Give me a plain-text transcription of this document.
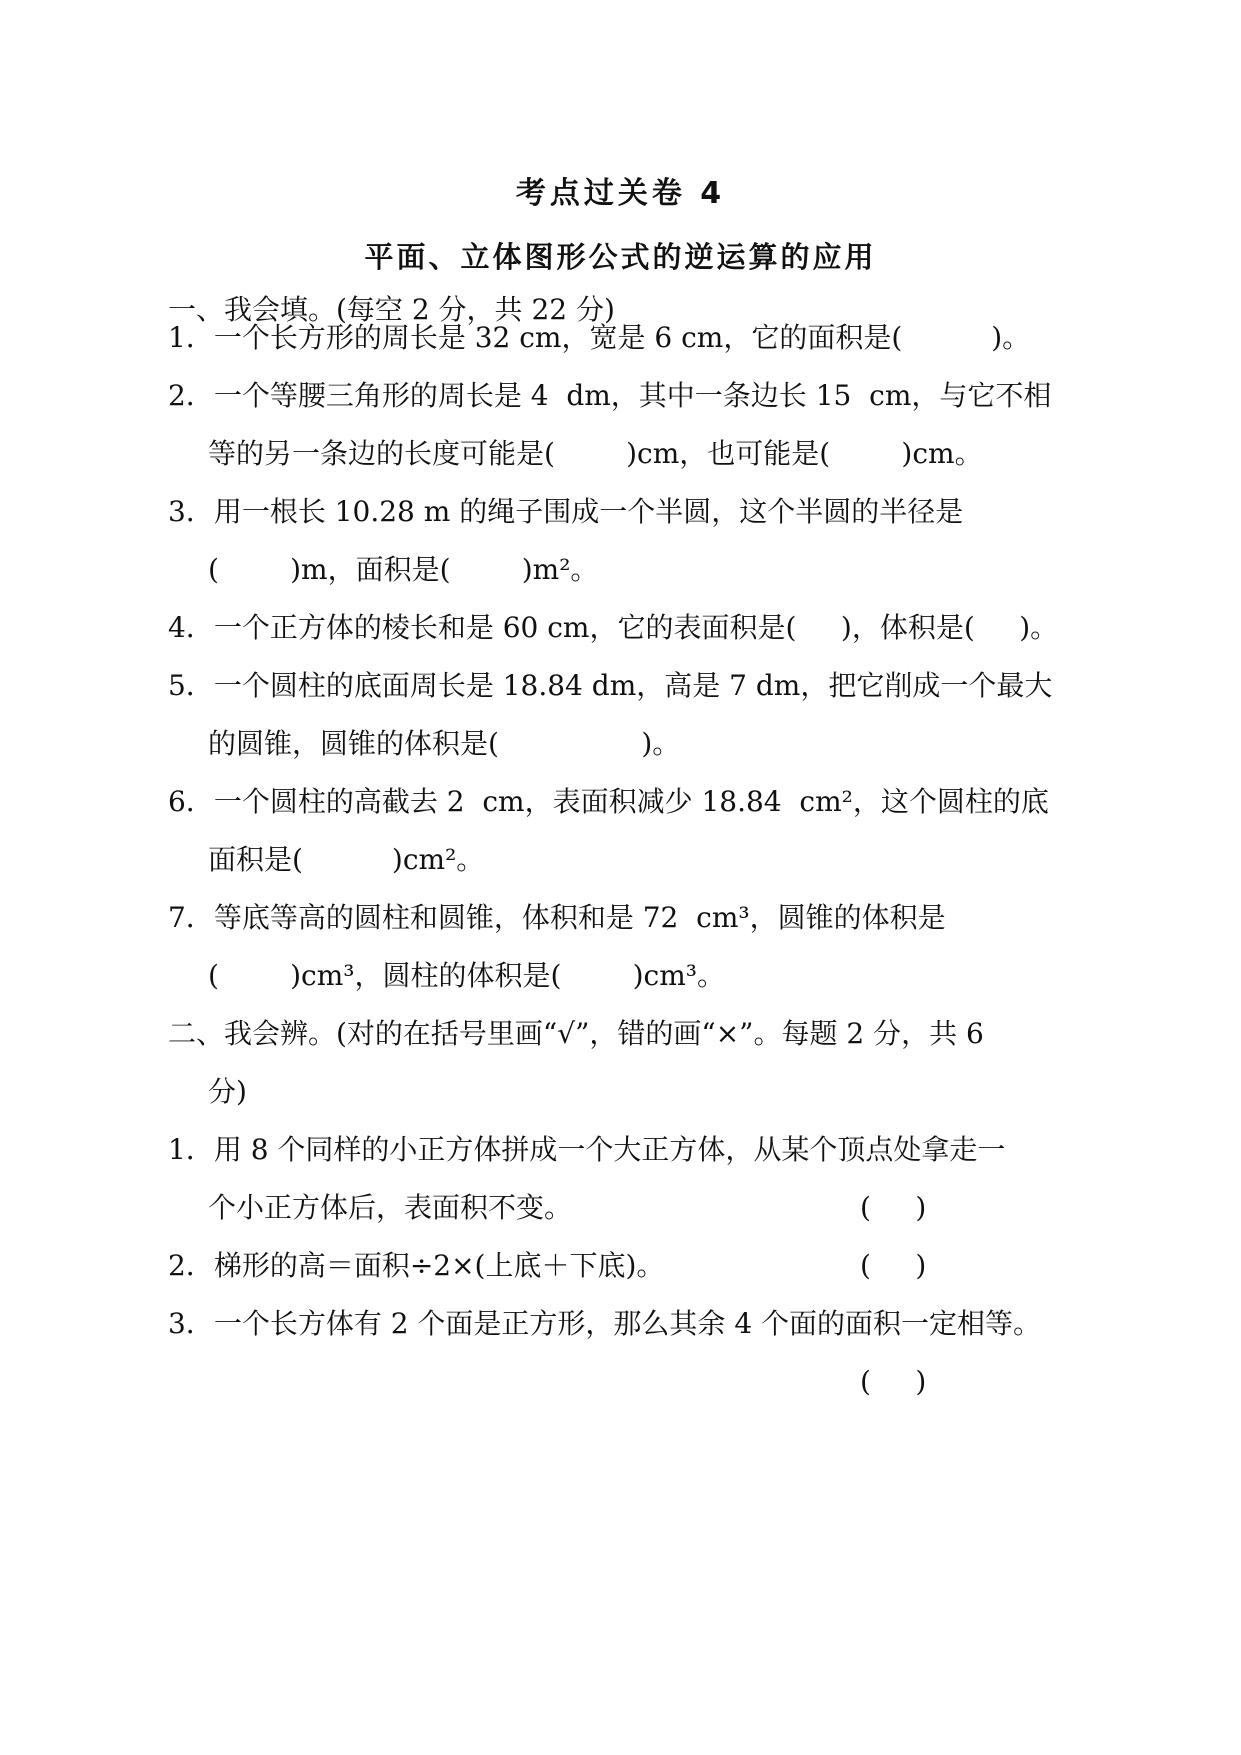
考点过关卷 4
平面、立体图形公式的逆运算的应用
一、我会填。(每空 2 分，共 22 分)
1．一个长方形的周长是 32 cm，宽是 6 cm，它的面积是(          )。
2．一个等腰三角形的周长是 4  dm，其中一条边长 15  cm，与它不相
等的另一条边的长度可能是(        )cm，也可能是(        )cm。
3．用一根长 10.28 m 的绳子围成一个半圆，这个半圆的半径是
(        )m，面积是(        )m²。
4．一个正方体的棱长和是 60 cm，它的表面积是(     )，体积是(     )。
5．一个圆柱的底面周长是 18.84 dm，高是 7 dm，把它削成一个最大
的圆锥，圆锥的体积是(                )。
6．一个圆柱的高截去 2  cm，表面积减少 18.84  cm²，这个圆柱的底
面积是(          )cm²。
7．等底等高的圆柱和圆锥，体积和是 72  cm³，圆锥的体积是
(        )cm³，圆柱的体积是(        )cm³。
二、我会辨。(对的在括号里画“√”，错的画“×”。每题 2 分，共 6
分)
1．用 8 个同样的小正方体拼成一个大正方体，从某个顶点处拿走一
个小正方体后，表面积不变。	(     )
2．梯形的高＝面积÷2×(上底＋下底)。	(     )
3．一个长方体有 2 个面是正方形，那么其余 4 个面的面积一定相等。
(     )
